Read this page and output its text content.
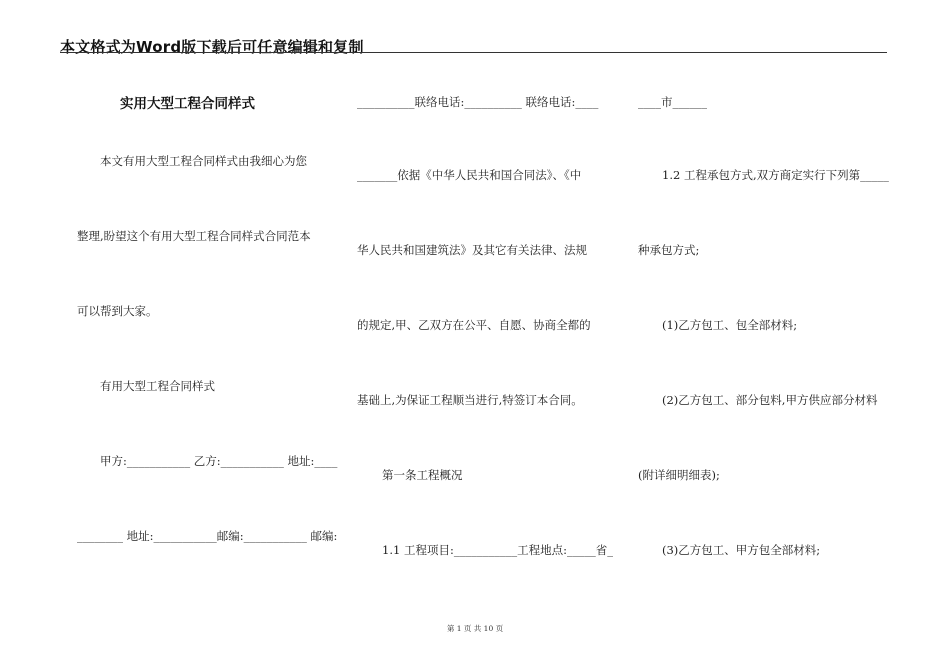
本文格式为Word版下载后可任意编辑和复制
实用大型工程合同样式
本文有用大型工程合同样式由我细心为您
整理,盼望这个有用大型工程合同样式合同范本
可以帮到大家。
有用大型工程合同样式
甲方:___________ 乙方:___________ 地址:____
________ 地址:___________邮编:___________ 邮编:
__________联络电话:__________ 联络电话:____
_______依据《中华人民共和国合同法》、《中
华人民共和国建筑法》及其它有关法律、法规
的规定,甲、乙双方在公平、自愿、协商全都的
基础上,为保证工程顺当进行,特签订本合同。
第一条工程概况
1.1 工程项目:___________工程地点:_____省_
____市______
1.2 工程承包方式,双方商定实行下列第_____
种承包方式;
(1)乙方包工、包全部材料;
(2)乙方包工、部分包料,甲方供应部分材料
(附详细明细表);
(3)乙方包工、甲方包全部材料;
第 1 页 共 10 页
